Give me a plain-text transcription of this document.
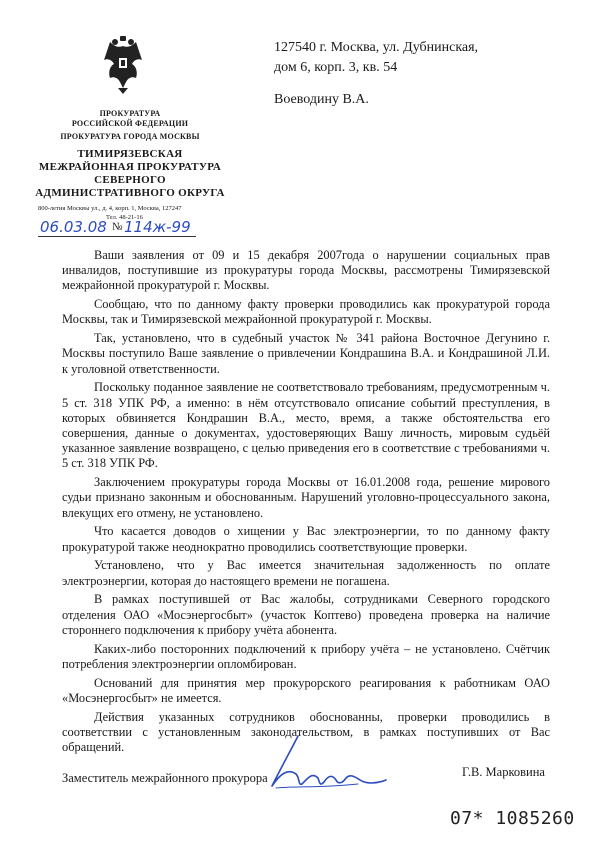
ПРОКУРАТУРА
РОССИЙСКОЙ ФЕДЕРАЦИИ
ПРОКУРАТУРА ГОРОДА МОСКВЫ
ТИМИРЯЗЕВСКАЯ
МЕЖРАЙОННАЯ ПРОКУРАТУРА
СЕВЕРНОГО
АДМИНИСТРАТИВНОГО ОКРУГА
800-летия Москвы ул., д. 4, корп. 1, Москва, 127247
Тел. 48-21-16
06.03.08 № 114ж-99
127540 г. Москва, ул. Дубнинская,
дом 6, корп. 3, кв. 54
Воеводину В.А.

Ваши заявления от 09 и 15 декабря 2007года о нарушении социальных прав инвалидов, поступившие из прокуратуры города Москвы, рассмотрены Тимирязевской межрайонной прокуратурой г. Москвы.

Сообщаю, что по данному факту проверки проводились как прокуратурой города Москвы, так и Тимирязевской межрайонной прокуратурой г. Москвы.

Так, установлено, что в судебный участок № 341 района Восточное Дегунино г. Москвы поступило Ваше заявление о привлечении Кондрашина В.А. и Кондрашиной Л.И. к уголовной ответственности.

Поскольку поданное заявление не соответствовало требованиям, предусмотренным ч. 5 ст. 318 УПК РФ, а именно: в нём отсутствовало описание событий преступления, в которых обвиняется Кондрашин В.А., место, время, а также обстоятельства его совершения, данные о документах, удостоверяющих Вашу личность, мировым судьёй указанное заявление возвращено, с целью приведения его в соответствие с требованиями ч. 5 ст. 318 УПК РФ.

Заключением прокуратуры города Москвы от 16.01.2008 года, решение мирового судьи признано законным и обоснованным. Нарушений уголовно-процессуального закона, влекущих его отмену, не установлено.

Что касается доводов о хищении у Вас электроэнергии, то по данному факту прокуратурой также неоднократно проводились соответствующие проверки.

Установлено, что у Вас имеется значительная задолженность по оплате электроэнергии, которая до настоящего времени не погашена.

В рамках поступившей от Вас жалобы, сотрудниками Северного городского отделения ОАО «Мосэнергосбыт» (участок Коптево) проведена проверка на наличие стороннего подключения к прибору учёта абонента.

Каких-либо посторонних подключений к прибору учёта – не установлено. Счётчик потребления электроэнергии опломбирован.

Оснований для принятия мер прокурорского реагирования к работникам ОАО «Мосэнергосбыт» не имеется.

Действия указанных сотрудников обоснованны, проверки проводились в соответствии с установленным законодательством, в рамках поступивших от Вас обращений.

Заместитель межрайонного прокурора	Г.В. Марковина
07* 1085260
